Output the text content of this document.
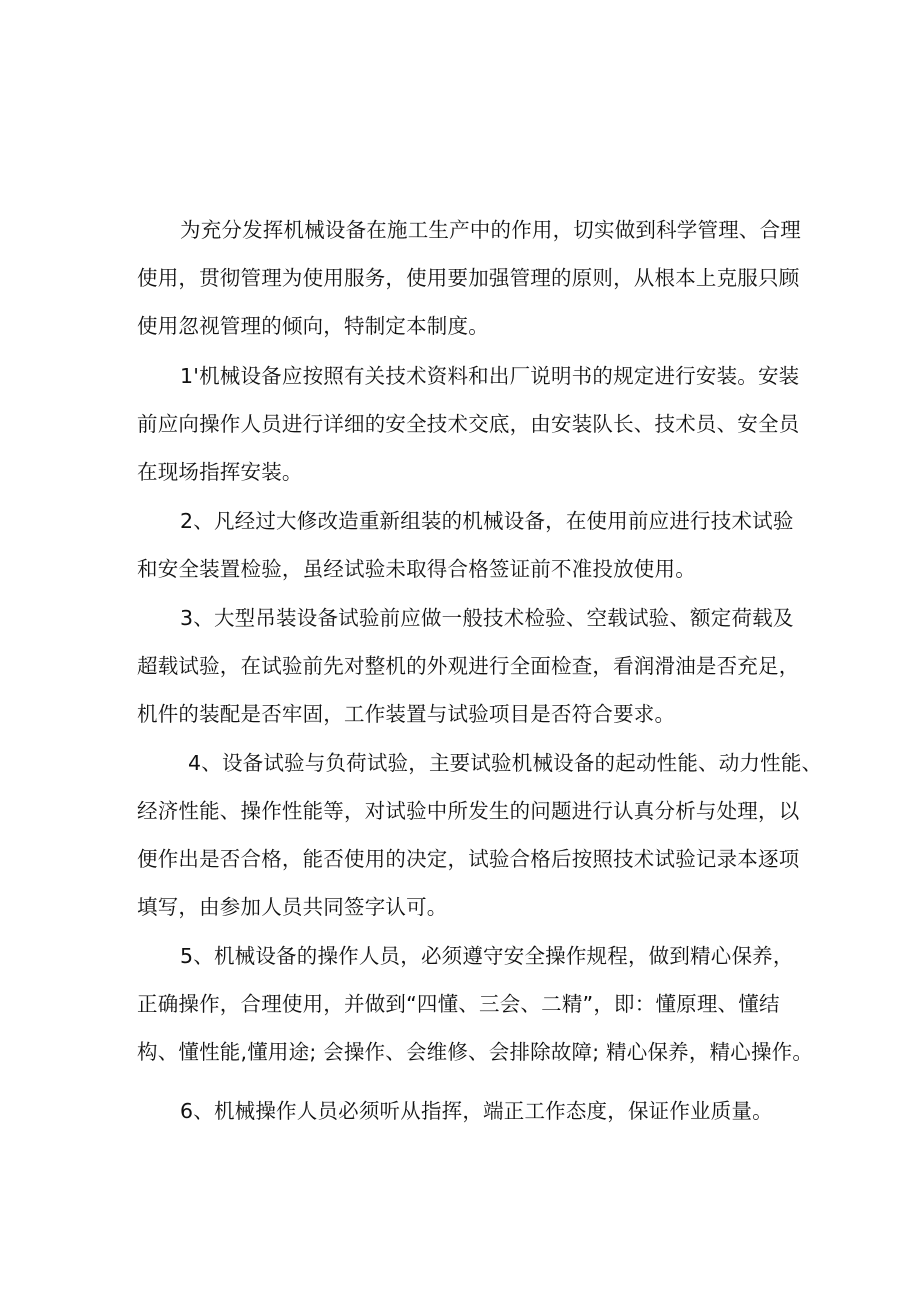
为充分发挥机械设备在施工生产中的作用，切实做到科学管理、合理
使用，贯彻管理为使用服务，使用要加强管理的原则，从根本上克服只顾
使用忽视管理的倾向，特制定本制度。
1'机械设备应按照有关技术资料和出厂说明书的规定进行安装。安装
前应向操作人员进行详细的安全技术交底，由安装队长、技术员、安全员
在现场指挥安装。
2、凡经过大修改造重新组装的机械设备，在使用前应进行技术试验
和安全装置检验，虽经试验未取得合格签证前不准投放使用。
3、大型吊装设备试验前应做一般技术检验、空载试验、额定荷载及
超载试验，在试验前先对整机的外观进行全面检查，看润滑油是否充足，
机件的装配是否牢固，工作装置与试验项目是否符合要求。
4、设备试验与负荷试验，主要试验机械设备的起动性能、动力性能、
经济性能、操作性能等，对试验中所发生的问题进行认真分析与处理，以
便作出是否合格，能否使用的决定，试验合格后按照技术试验记录本逐项
填写，由参加人员共同签字认可。
5、机械设备的操作人员，必须遵守安全操作规程，做到精心保养，
正确操作，合理使用，并做到“四懂、三会、二精”，即：懂原理、懂结
构、懂性能,懂用途; 会操作、会维修、会排除故障; 精心保养，精心操作。
6、机械操作人员必须听从指挥，端正工作态度，保证作业质量。
